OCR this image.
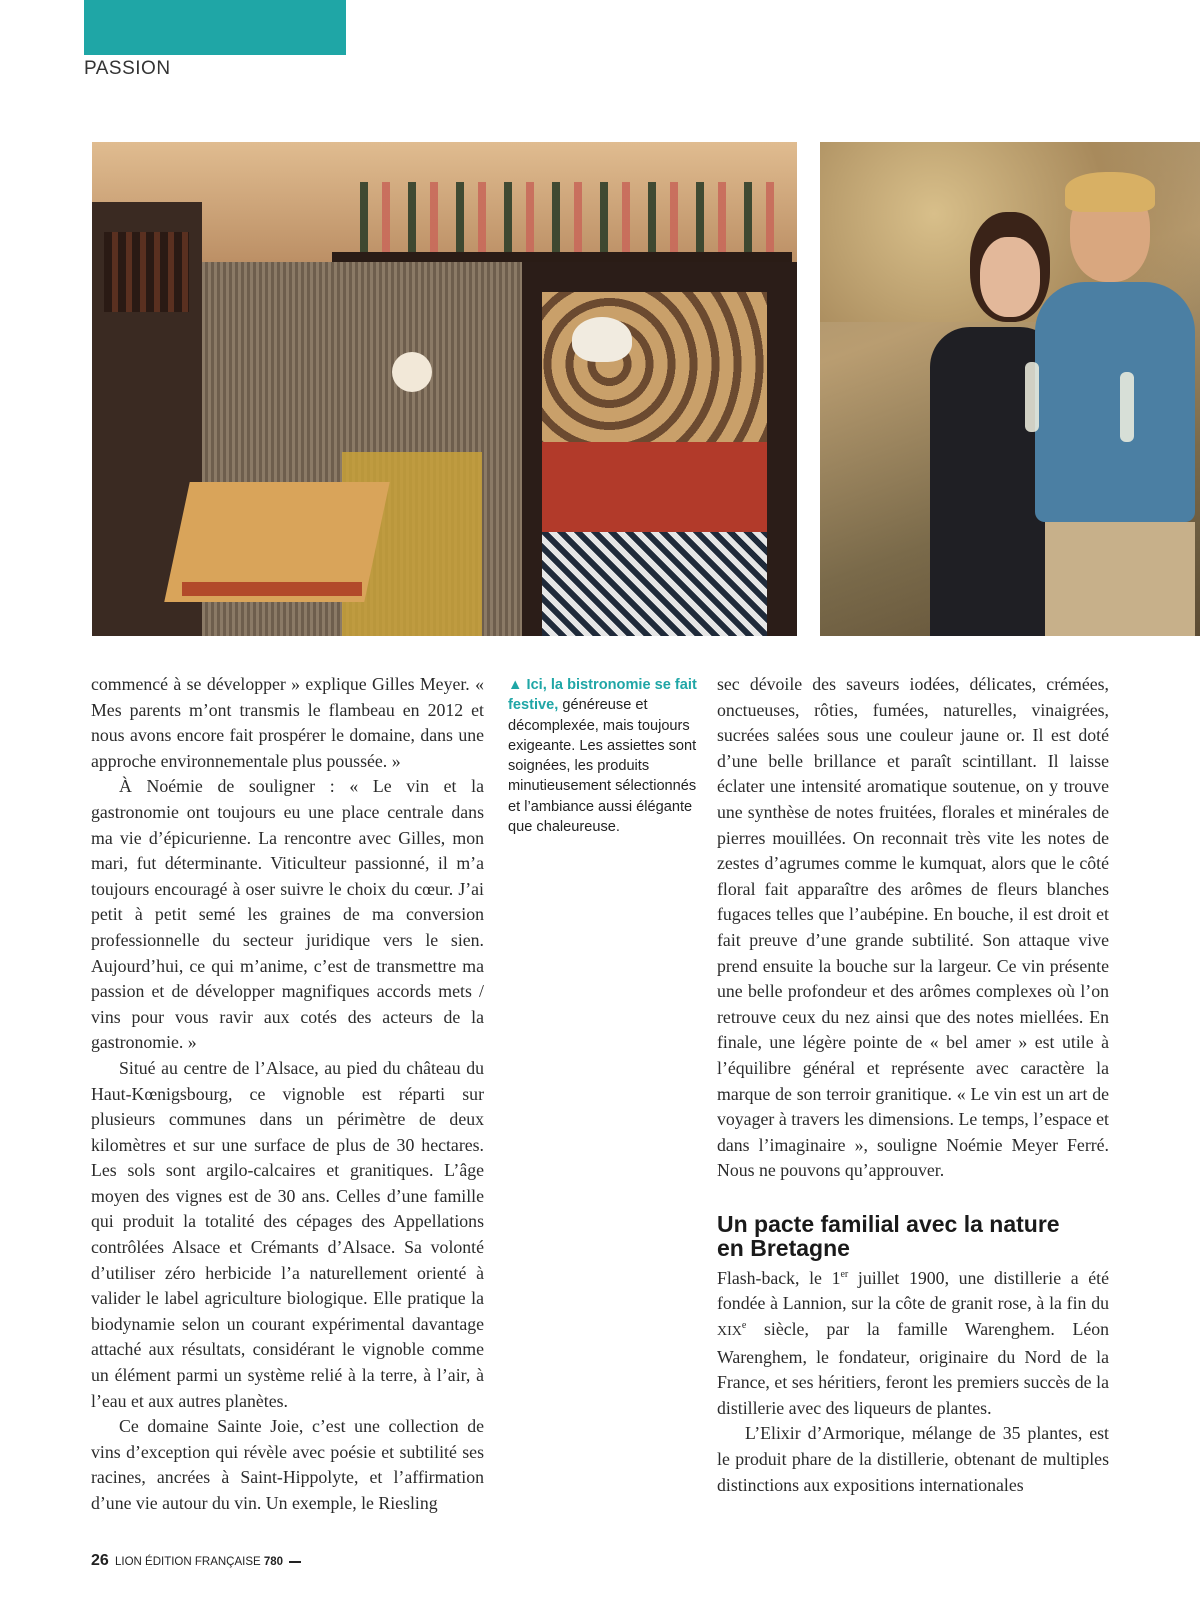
PASSION

commencé à se développer » explique Gilles Meyer. « Mes parents m’ont transmis le flambeau en 2012 et nous avons encore fait prospérer le domaine, dans une approche environnementale plus poussée. »

À Noémie de souligner : « Le vin et la gastronomie ont toujours eu une place centrale dans ma vie d’épicurienne. La rencontre avec Gilles, mon mari, fut déterminante. Viticulteur passionné, il m’a toujours encouragé à oser suivre le choix du cœur. J’ai petit à petit semé les graines de ma conversion professionnelle du secteur juridique vers le sien. Aujourd’hui, ce qui m’anime, c’est de transmettre ma passion et de développer magnifiques accords mets / vins pour vous ravir aux cotés des acteurs de la gastronomie. »

Situé au centre de l’Alsace, au pied du château du Haut-Kœnigsbourg, ce vignoble est réparti sur plusieurs communes dans un périmètre de deux kilomètres et sur une surface de plus de 30 hectares. Les sols sont argilo-calcaires et granitiques. L’âge moyen des vignes est de 30 ans. Celles d’une famille qui produit la totalité des cépages des Appellations contrôlées Alsace et Crémants d’Alsace. Sa volonté d’utiliser zéro herbicide l’a naturellement orienté à valider le label agriculture biologique. Elle pratique la biodynamie selon un courant expérimental davantage attaché aux résultats, considérant le vignoble comme un élément parmi un système relié à la terre, à l’air, à l’eau et aux autres planètes.

Ce domaine Sainte Joie, c’est une collection de vins d’exception qui révèle avec poésie et subtilité ses racines, ancrées à Saint-Hippolyte, et l’affirmation d’une vie autour du vin. Un exemple, le Riesling

▲ Ici, la bistronomie se fait festive, généreuse et décomplexée, mais toujours exigeante. Les assiettes sont soignées, les produits minutieusement sélectionnés et l’ambiance aussi élégante que chaleureuse.

sec dévoile des saveurs iodées, délicates, crémées, onctueuses, rôties, fumées, naturelles, vinaigrées, sucrées salées sous une couleur jaune or. Il est doté d’une belle brillance et paraît scintillant. Il laisse éclater une intensité aromatique soutenue, on y trouve une synthèse de notes fruitées, florales et minérales de pierres mouillées. On reconnait très vite les notes de zestes d’agrumes comme le kumquat, alors que le côté floral fait apparaître des arômes de fleurs blanches fugaces telles que l’aubépine. En bouche, il est droit et fait preuve d’une grande subtilité. Son attaque vive prend ensuite la bouche sur la largeur. Ce vin présente une belle profondeur et des arômes complexes où l’on retrouve ceux du nez ainsi que des notes miellées. En finale, une légère pointe de « bel amer » est utile à l’équilibre général et représente avec caractère la marque de son terroir granitique. « Le vin est un art de voyager à travers les dimensions. Le temps, l’espace et dans l’imaginaire », souligne Noémie Meyer Ferré. Nous ne pouvons qu’approuver.

Un pacte familial avec la nature
en Bretagne

Flash-back, le 1er juillet 1900, une distillerie a été fondée à Lannion, sur la côte de granit rose, à la fin du XIXe siècle, par la famille Warenghem. Léon Warenghem, le fondateur, originaire du Nord de la France, et ses héritiers, feront les premiers succès de la distillerie avec des liqueurs de plantes.

L’Elixir d’Armorique, mélange de 35 plantes, est le produit phare de la distillerie, obtenant de multiples distinctions aux expositions internationales

26 LION ÉDITION FRANÇAISE 780
